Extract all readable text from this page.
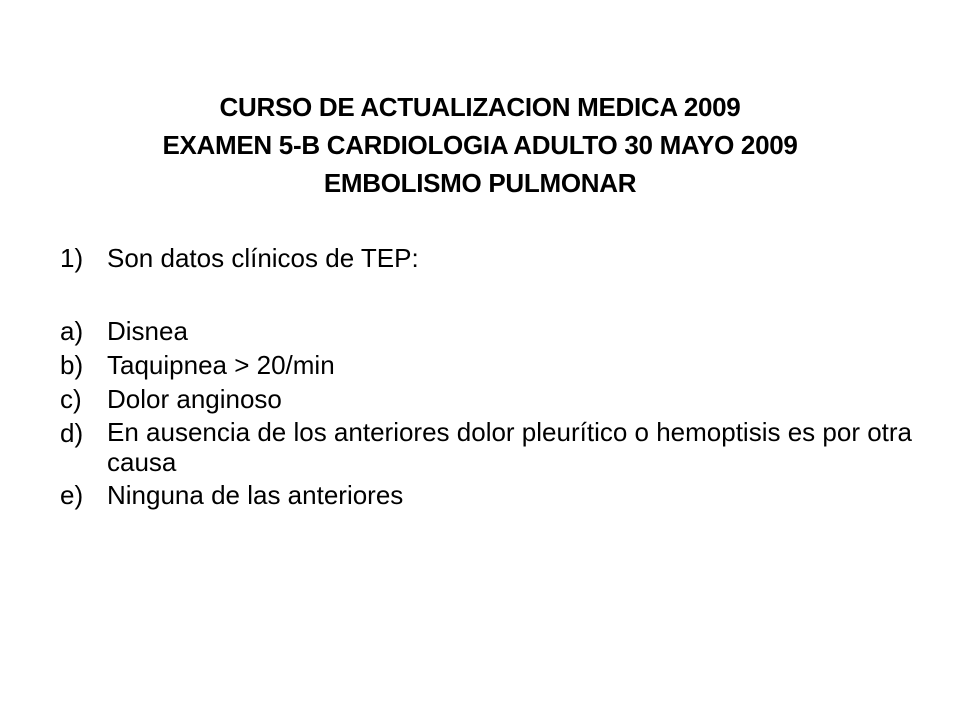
CURSO DE ACTUALIZACION MEDICA 2009
EXAMEN 5-B CARDIOLOGIA ADULTO 30 MAYO 2009
EMBOLISMO PULMONAR
1) Son datos clínicos de TEP:
a) Disnea
b) Taquipnea > 20/min
c) Dolor anginoso
d) En ausencia de los anteriores dolor pleurítico o hemoptisis es por otra causa
e) Ninguna de las anteriores
